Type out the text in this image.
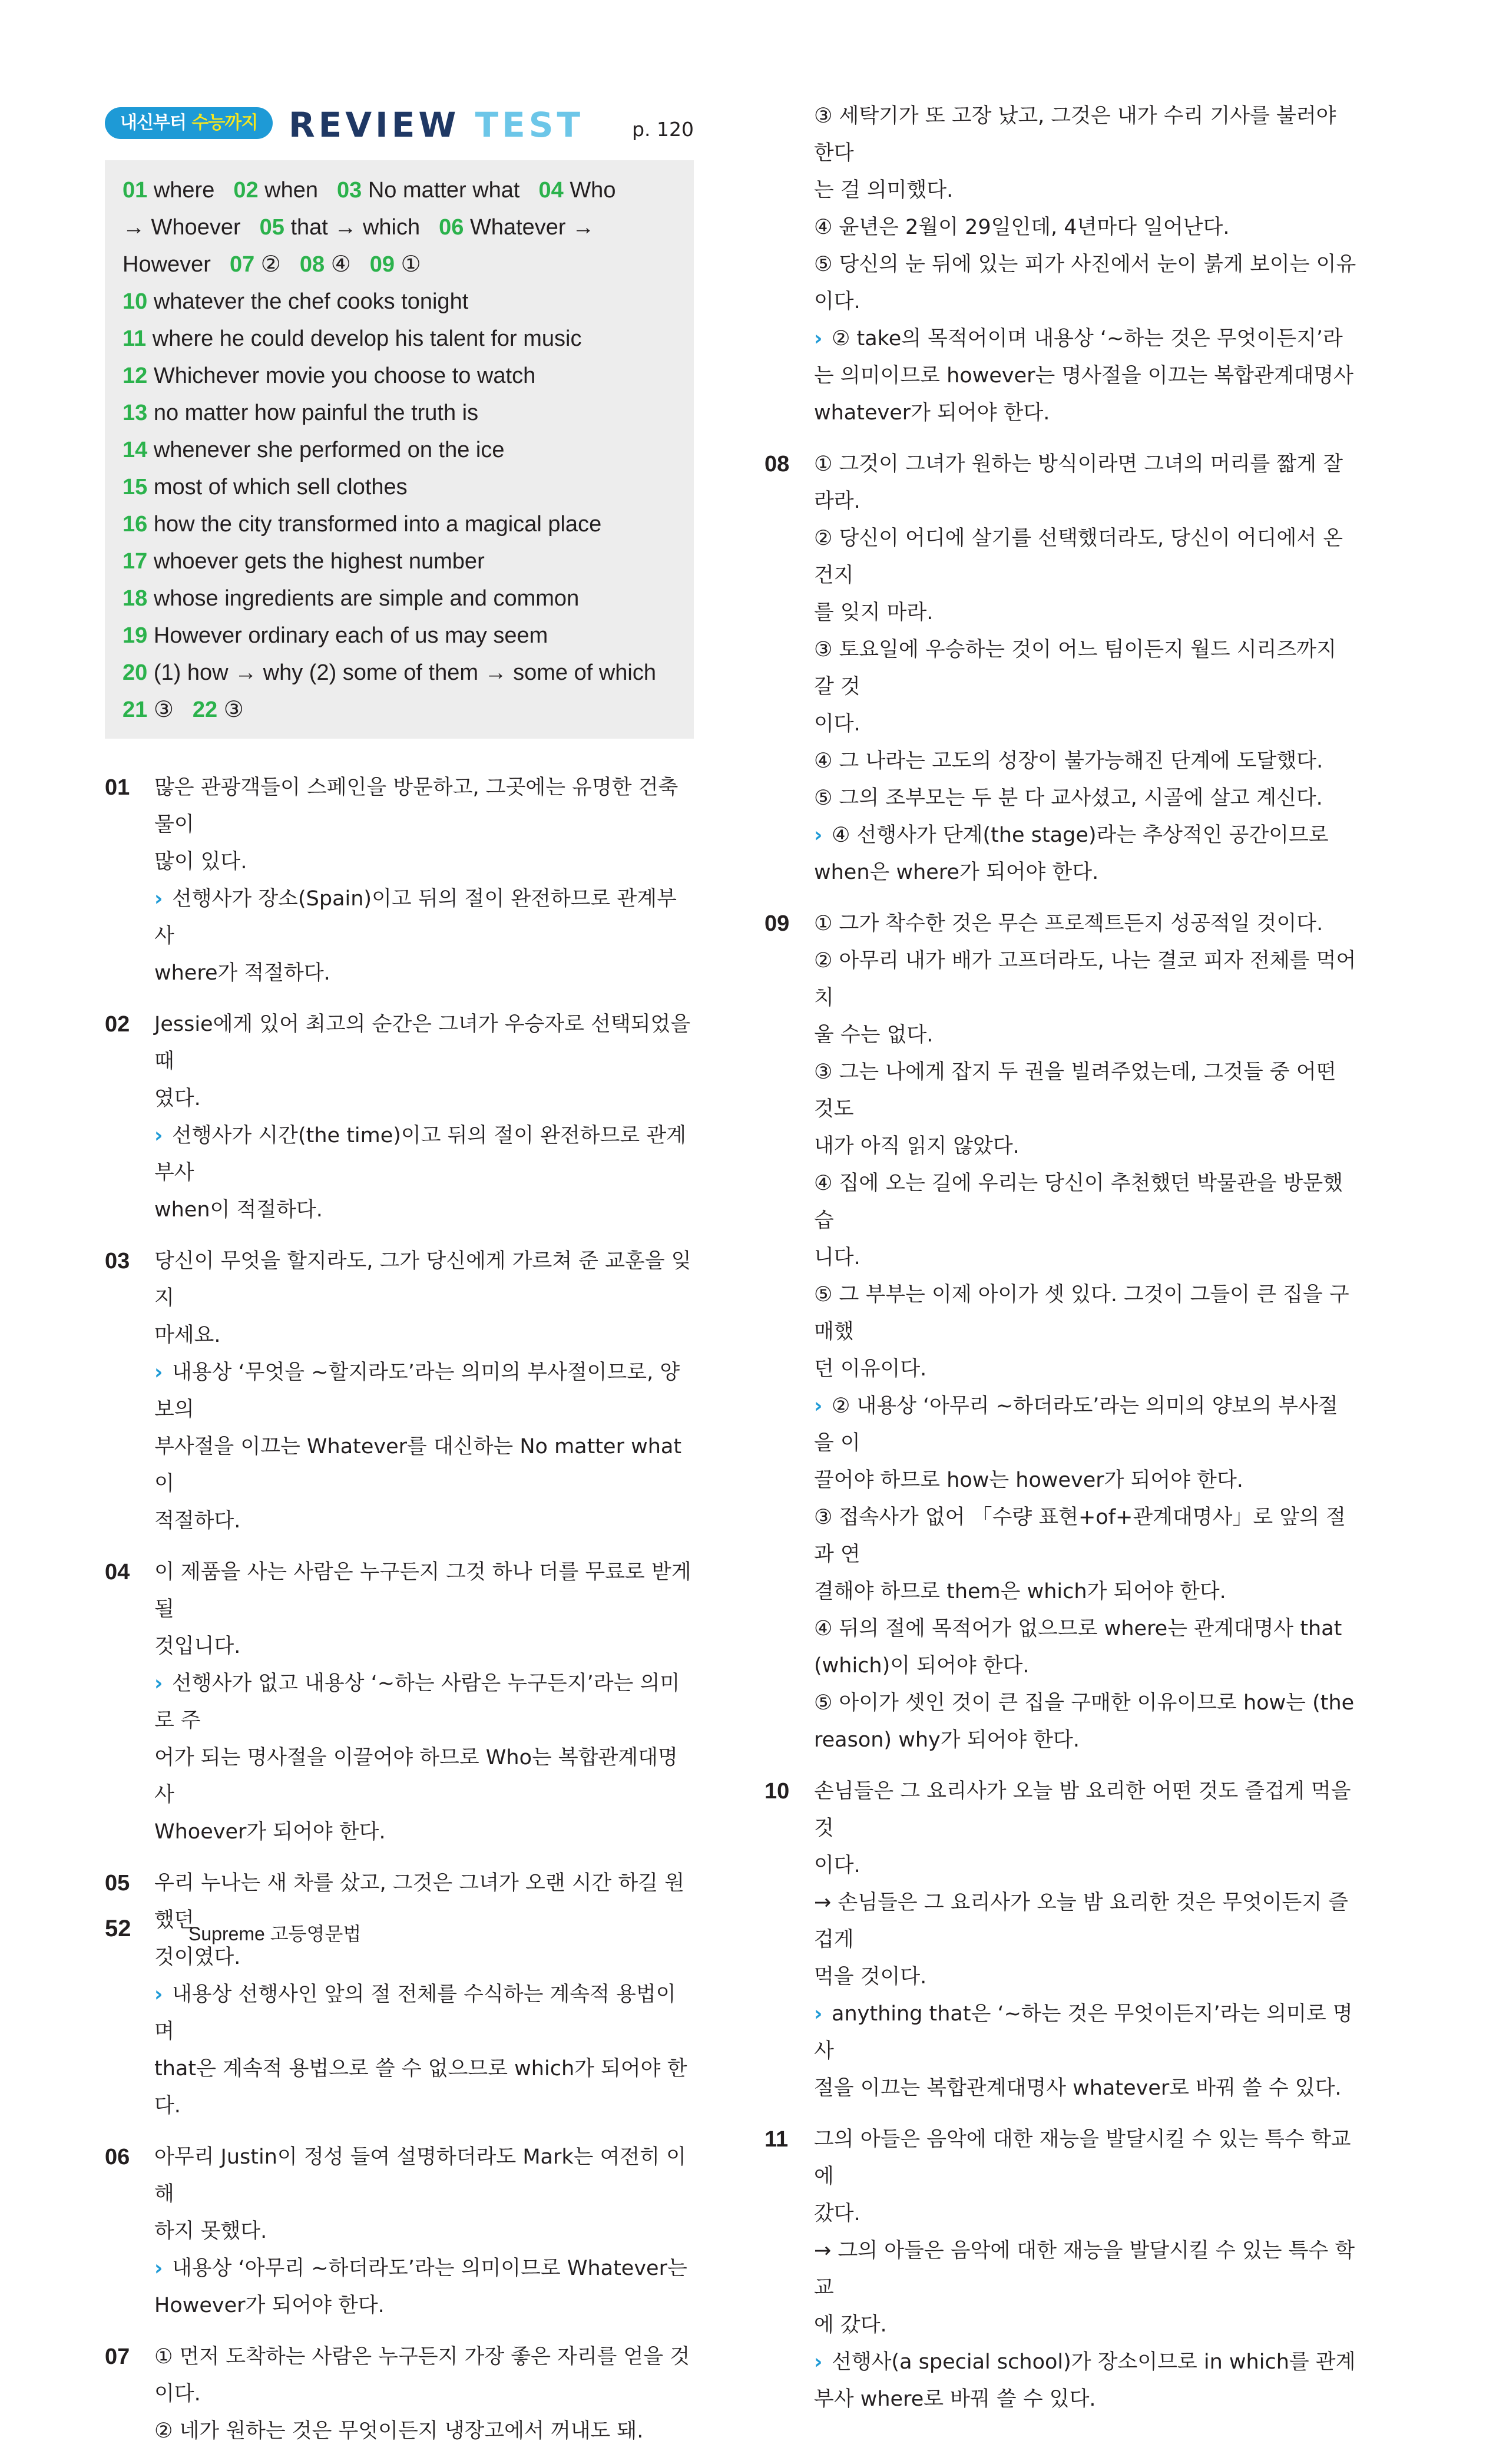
내신부터 수능까지 REVIEW TEST p. 120
01 where 02 when 03 No matter what 04 Who
→ Whoever 05 that → which 06 Whatever →
However 07 ② 08 ④ 09 ①
10 whatever the chef cooks tonight
11 where he could develop his talent for music
12 Whichever movie you choose to watch
13 no matter how painful the truth is
14 whenever she performed on the ice
15 most of which sell clothes
16 how the city transformed into a magical place
17 whoever gets the highest number
18 whose ingredients are simple and common
19 However ordinary each of us may seem
20 (1) how → why (2) some of them → some of which
21 ③ 22 ③
01 많은 관광객들이 스페인을 방문하고, 그곳에는 유명한 건축물이

많이 있다.

› 선행사가 장소(Spain)이고 뒤의 절이 완전하므로 관계부사

where가 적절하다.

02 Jessie에게 있어 최고의 순간은 그녀가 우승자로 선택되었을 때

였다.

› 선행사가 시간(the time)이고 뒤의 절이 완전하므로 관계부사

when이 적절하다.

03 당신이 무엇을 할지라도, 그가 당신에게 가르쳐 준 교훈을 잊지

마세요.

› 내용상 ‘무엇을 ~할지라도’라는 의미의 부사절이므로, 양보의

부사절을 이끄는 Whatever를 대신하는 No matter what이

적절하다.

04 이 제품을 사는 사람은 누구든지 그것 하나 더를 무료로 받게 될

것입니다.

› 선행사가 없고 내용상 ‘~하는 사람은 누구든지’라는 의미로 주

어가 되는 명사절을 이끌어야 하므로 Who는 복합관계대명사

Whoever가 되어야 한다.

05 우리 누나는 새 차를 샀고, 그것은 그녀가 오랜 시간 하길 원했던

것이였다.

› 내용상 선행사인 앞의 절 전체를 수식하는 계속적 용법이며

that은 계속적 용법으로 쓸 수 없으므로 which가 되어야 한다.

06 아무리 Justin이 정성 들여 설명하더라도 Mark는 여전히 이해

하지 못했다.

› 내용상 ‘아무리 ~하더라도’라는 의미이므로 Whatever는

However가 되어야 한다.

07 ① 먼저 도착하는 사람은 누구든지 가장 좋은 자리를 얻을 것이다.

② 네가 원하는 것은 무엇이든지 냉장고에서 꺼내도 돼.

③ 세탁기가 또 고장 났고, 그것은 내가 수리 기사를 불러야 한다

는 걸 의미했다.

④ 윤년은 2월이 29일인데, 4년마다 일어난다.

⑤ 당신의 눈 뒤에 있는 피가 사진에서 눈이 붉게 보이는 이유

이다.

› ② take의 목적어이며 내용상 ‘~하는 것은 무엇이든지’라

는 의미이므로 however는 명사절을 이끄는 복합관계대명사

whatever가 되어야 한다.

08 ① 그것이 그녀가 원하는 방식이라면 그녀의 머리를 짧게 잘라라.

② 당신이 어디에 살기를 선택했더라도, 당신이 어디에서 온 건지

를 잊지 마라.

③ 토요일에 우승하는 것이 어느 팀이든지 월드 시리즈까지 갈 것

이다.

④ 그 나라는 고도의 성장이 불가능해진 단계에 도달했다.

⑤ 그의 조부모는 두 분 다 교사셨고, 시골에 살고 계신다.

› ④ 선행사가 단계(the stage)라는 추상적인 공간이므로

when은 where가 되어야 한다.

09 ① 그가 착수한 것은 무슨 프로젝트든지 성공적일 것이다.

② 아무리 내가 배가 고프더라도, 나는 결코 피자 전체를 먹어 치

울 수는 없다.

③ 그는 나에게 잡지 두 권을 빌려주었는데, 그것들 중 어떤 것도

내가 아직 읽지 않았다.

④ 집에 오는 길에 우리는 당신이 추천했던 박물관을 방문했습

니다.

⑤ 그 부부는 이제 아이가 셋 있다. 그것이 그들이 큰 집을 구매했

던 이유이다.

› ② 내용상 ‘아무리 ~하더라도’라는 의미의 양보의 부사절을 이

끌어야 하므로 how는 however가 되어야 한다.

③ 접속사가 없어 「수량 표현+of+관계대명사」로 앞의 절과 연

결해야 하므로 them은 which가 되어야 한다.

④ 뒤의 절에 목적어가 없으므로 where는 관계대명사 that

(which)이 되어야 한다.

⑤ 아이가 셋인 것이 큰 집을 구매한 이유이므로 how는 (the

reason) why가 되어야 한다.

10 손님들은 그 요리사가 오늘 밤 요리한 어떤 것도 즐겁게 먹을 것

이다.

→ 손님들은 그 요리사가 오늘 밤 요리한 것은 무엇이든지 즐겁게

먹을 것이다.

› anything that은 ‘~하는 것은 무엇이든지’라는 의미로 명사

절을 이끄는 복합관계대명사 whatever로 바꿔 쓸 수 있다.

11 그의 아들은 음악에 대한 재능을 발달시킬 수 있는 특수 학교에

갔다.

→ 그의 아들은 음악에 대한 재능을 발달시킬 수 있는 특수 학교

에 갔다.

› 선행사(a special school)가 장소이므로 in which를 관계

부사 where로 바꿔 쓸 수 있다.

52	Supreme 고등영문법
